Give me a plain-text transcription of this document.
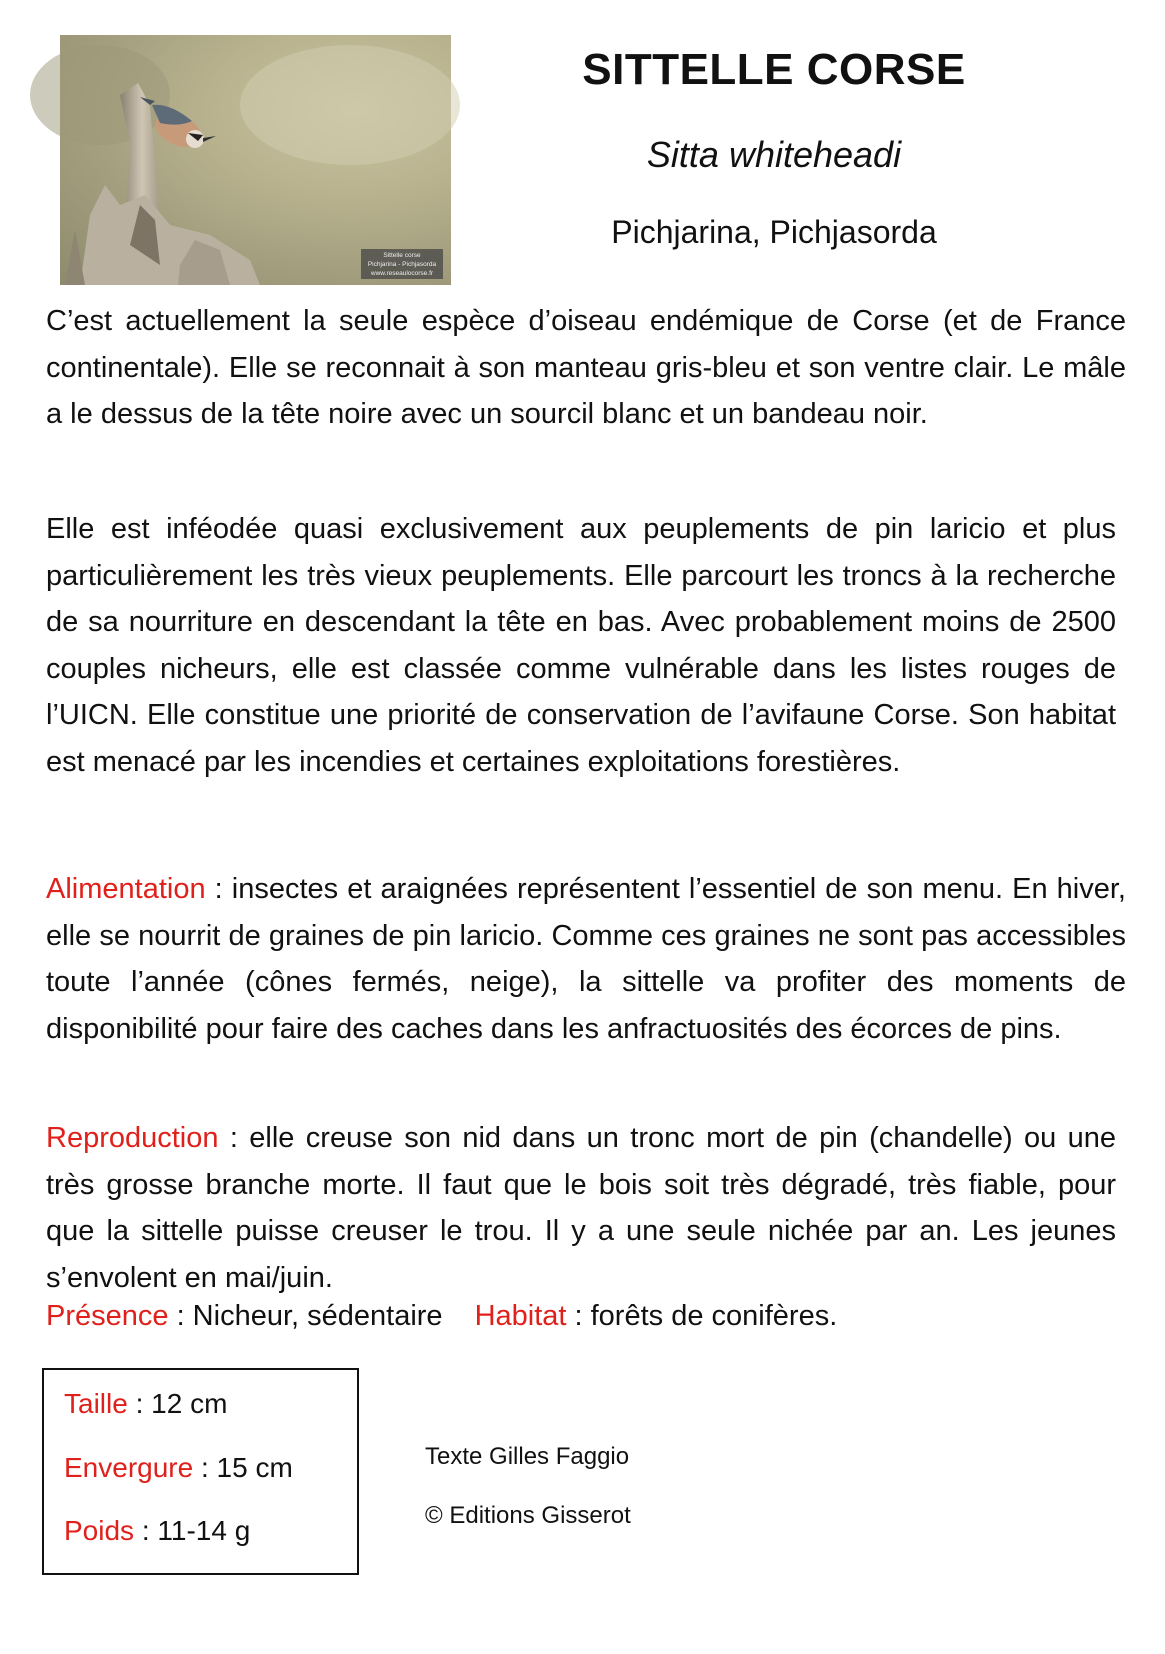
Sittelle corse
Pichjarina - Pichjasorda
www.reseaulocorse.fr
SITTELLE CORSE

Sitta whiteheadi

Pichjarina, Pichjasorda

C’est actuellement la seule espèce d’oiseau endémique de Corse (et de France continentale). Elle se reconnait à son manteau gris-bleu et son ventre clair. Le mâle a le dessus de la tête noire avec un sourcil blanc et un bandeau noir.

Elle est inféodée quasi exclusivement aux peuplements de pin laricio et plus particulièrement les très vieux peuplements. Elle parcourt les troncs à la recherche de sa nourriture en descendant la tête en bas. Avec probablement moins de 2500 couples nicheurs, elle est classée comme vulnérable dans les listes rouges de l’UICN. Elle constitue une priorité de conservation de l’avifaune Corse. Son habitat est menacé par les incendies et certaines exploitations forestières.

Alimentation : insectes et araignées représentent l’essentiel de son menu. En hiver, elle se nourrit de graines de pin laricio. Comme ces graines ne sont pas accessibles toute l’année (cônes fermés, neige), la sittelle va profiter des moments de disponibilité pour faire des caches dans les anfractuosités des écorces de pins.

Reproduction : elle creuse son nid dans un tronc mort de pin (chandelle) ou une très grosse branche morte. Il faut que le bois soit très dégradé, très fiable, pour que la sittelle puisse creuser le trou. Il y a une seule nichée par an. Les jeunes s’envolent en mai/juin.

Présence : Nicheur, sédentaire Habitat : forêts de conifères.

Taille : 12 cm

Envergure : 15 cm

Poids : 11-14 g

Texte Gilles Faggio

© Editions Gisserot
